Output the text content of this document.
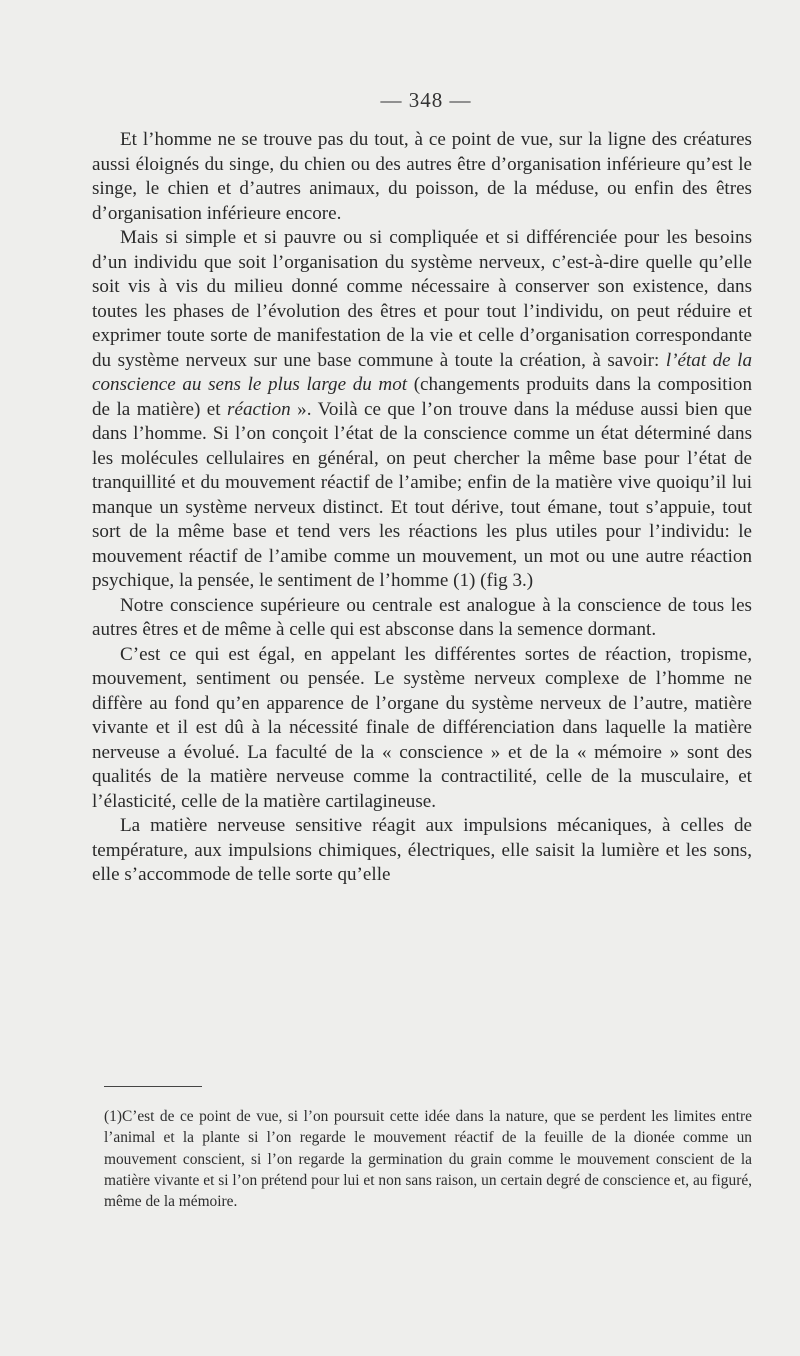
— 348 —

Et l’homme ne se trouve pas du tout, à ce point de vue, sur la ligne des créatures aussi éloignés du singe, du chien ou des autres être d’organisation inférieure qu’est le singe, le chien et d’autres animaux, du poisson, de la méduse, ou enfin des êtres d’organisation inférieure encore.

Mais si simple et si pauvre ou si compliquée et si différenciée pour les besoins d’un individu que soit l’organisation du système nerveux, c’est-à-dire quelle qu’elle soit vis à vis du milieu donné comme nécessaire à conserver son existence, dans toutes les phases de l’évolution des êtres et pour tout l’individu, on peut réduire et exprimer toute sorte de manifestation de la vie et celle d’organisation correspondante du système nerveux sur une base commune à toute la création, à savoir: l’état de la conscience au sens le plus large du mot (changements produits dans la composition de la matière) et réaction ». Voilà ce que l’on trouve dans la méduse aussi bien que dans l’homme. Si l’on conçoit l’état de la conscience comme un état déterminé dans les molécules cellulaires en général, on peut chercher la même base pour l’état de tranquillité et du mouvement réactif de l’amibe; enfin de la matière vive quoiqu’il lui manque un système nerveux distinct. Et tout dérive, tout émane, tout s’appuie, tout sort de la même base et tend vers les réactions les plus utiles pour l’individu: le mouvement réactif de l’amibe comme un mouvement, un mot ou une autre réaction psychique, la pensée, le sentiment de l’homme (1) (fig 3.)

Notre conscience supérieure ou centrale est analogue à la conscience de tous les autres êtres et de même à celle qui est absconse dans la semence dormant.

C’est ce qui est égal, en appelant les différentes sortes de réaction, tropisme, mouvement, sentiment ou pensée. Le système nerveux complexe de l’homme ne diffère au fond qu’en apparence de l’organe du système nerveux de l’autre, matière vivante et il est dû à la nécessité finale de différenciation dans laquelle la matière nerveuse a évolué. La faculté de la « conscience » et de la « mémoire » sont des qualités de la matière nerveuse comme la contractilité, celle de la musculaire, et l’élasticité, celle de la matière cartilagineuse.

La matière nerveuse sensitive réagit aux impulsions mécaniques, à celles de température, aux impulsions chimiques, électriques, elle saisit la lumière et les sons, elle s’accommode de telle sorte qu’elle

(1)C’est de ce point de vue, si l’on poursuit cette idée dans la nature, que se perdent les limites entre l’animal et la plante si l’on regarde le mouvement réactif de la feuille de la dionée comme un mouvement conscient, si l’on regarde la germination du grain comme le mouvement conscient de la matière vivante et si l’on prétend pour lui et non sans raison, un certain degré de conscience et, au figuré, même de la mémoire.
